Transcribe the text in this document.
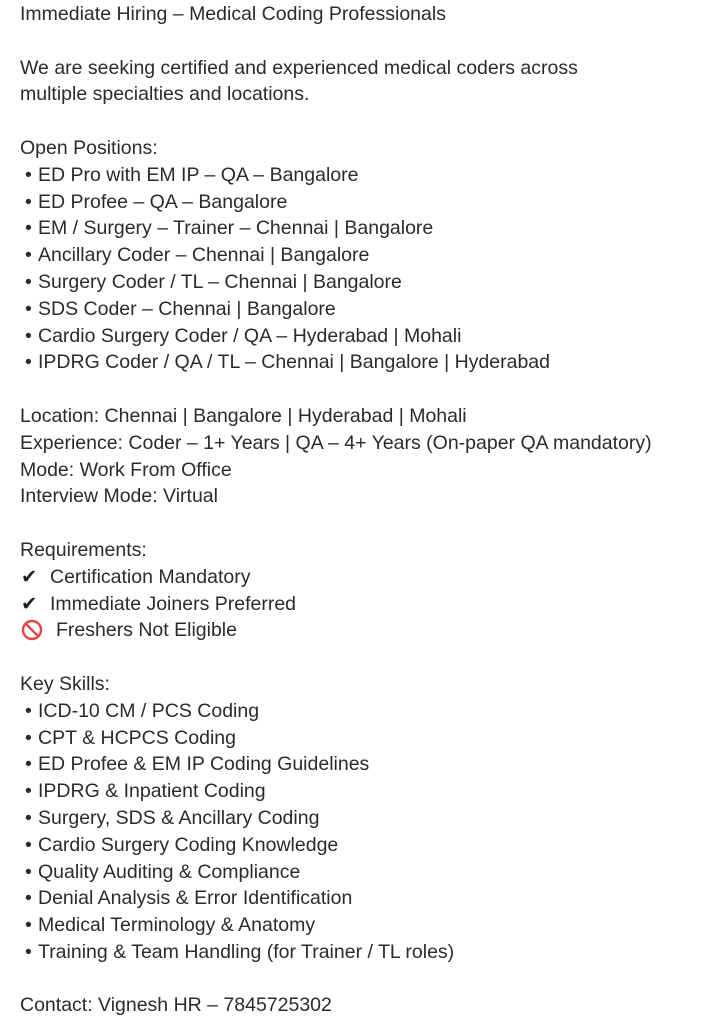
Immediate Hiring – Medical Coding Professionals
We are seeking certified and experienced medical coders across
multiple specialties and locations.
Open Positions:
• ED Pro with EM IP – QA – Bangalore
• ED Profee – QA – Bangalore
• EM / Surgery – Trainer – Chennai | Bangalore
• Ancillary Coder – Chennai | Bangalore
• Surgery Coder / TL – Chennai | Bangalore
• SDS Coder – Chennai | Bangalore
• Cardio Surgery Coder / QA – Hyderabad | Mohali
• IPDRG Coder / QA / TL – Chennai | Bangalore | Hyderabad
Location: Chennai | Bangalore | Hyderabad | Mohali
Experience: Coder – 1+ Years | QA – 4+ Years (On-paper QA mandatory)
Mode: Work From Office
Interview Mode: Virtual
Requirements:
✔ Certification Mandatory
✔ Immediate Joiners Preferred
Freshers Not Eligible
Key Skills:
• ICD-10 CM / PCS Coding
• CPT & HCPCS Coding
• ED Profee & EM IP Coding Guidelines
• IPDRG & Inpatient Coding
• Surgery, SDS & Ancillary Coding
• Cardio Surgery Coding Knowledge
• Quality Auditing & Compliance
• Denial Analysis & Error Identification
• Medical Terminology & Anatomy
• Training & Team Handling (for Trainer / TL roles)
Contact: Vignesh HR – 7845725302
